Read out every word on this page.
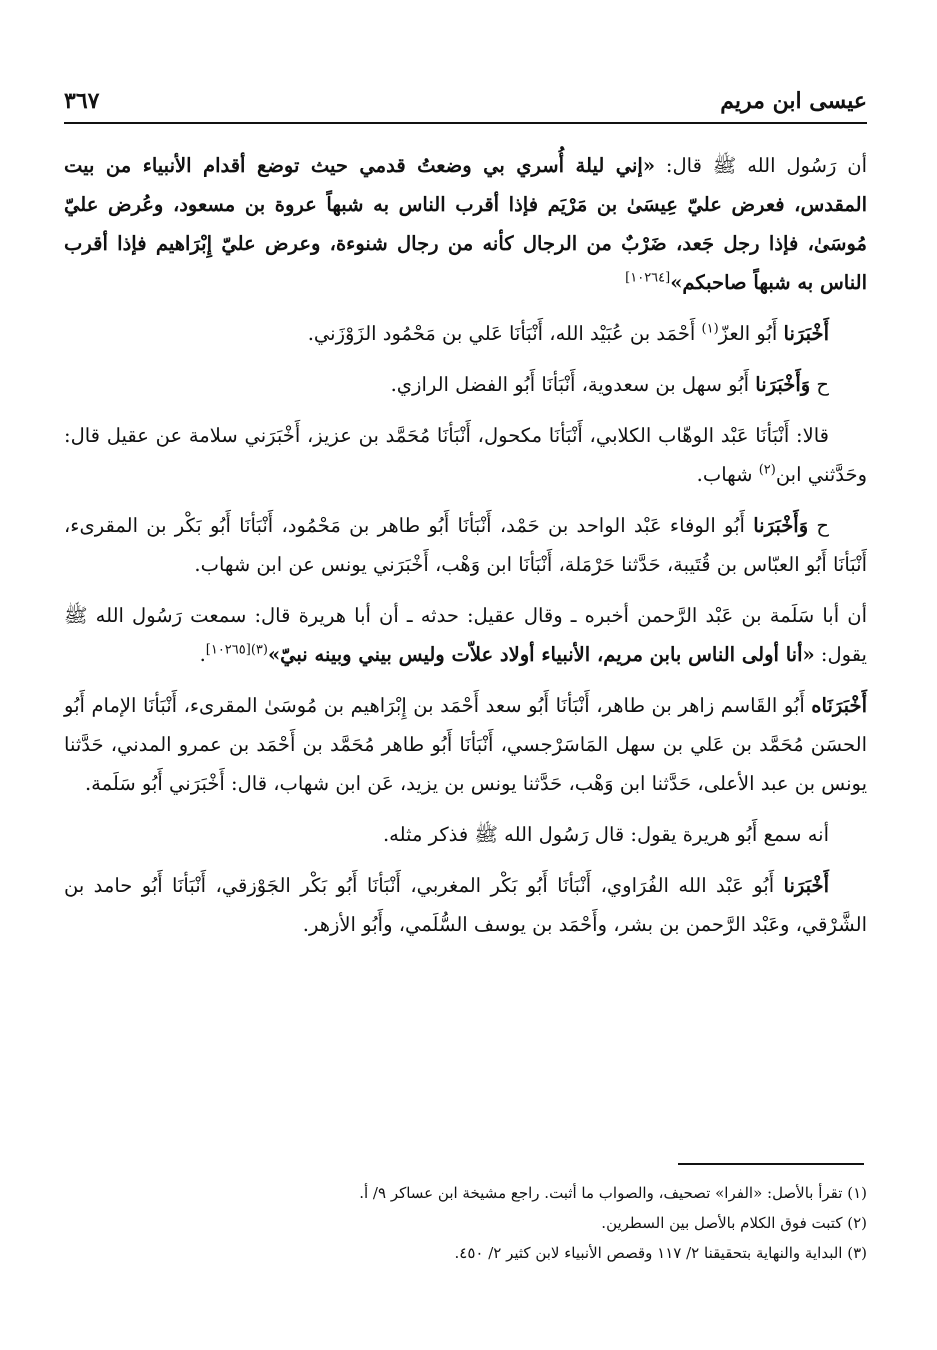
عيسى ابن مريم
٣٦٧

أن رَسُول الله ﷺ قال: «إني ليلة أُسري بي وضعتُ قدمي حيث توضع أقدام الأنبياء من بيت المقدس، فعرض عليّ عِيسَىٰ بن مَرْيَم فإذا أقرب الناس به شبهاً عروة بن مسعود، وعُرض عليّ مُوسَىٰ، فإذا رجل جَعد، ضَرْبٌ من الرجال كأنه من رجال شنوءة، وعرض عليّ إِبْرَاهيم فإذا أقرب الناس به شبهاً صاحبكم»[١٠٢٦٤]

أَخْبَرَنا أَبُو العزّ$^{(١)}$ أَحْمَد بن عُبَيْد الله، أَنْبَأنَا عَلي بن مَحْمُود الزَوْزَني.

ح وَأَخْبَرَنا أَبُو سهل بن سعدوية، أَنْبَأنَا أَبُو الفضل الرازي.

قالا: أَنْبَأنَا عَبْد الوهّاب الكلابي، أَنْبَأنَا مكحول، أَنْبَأنَا مُحَمَّد بن عزيز، أَخْبَرَني سلامة عن عقيل قال: وحَدَّثني ابن$^{(٢)}$ شهاب.

ح وَأَخْبَرَنا أَبُو الوفاء عَبْد الواحد بن حَمْد، أَنْبَأنَا أَبُو طاهر بن مَحْمُود، أَنْبَأنَا أَبُو بَكْر بن المقرىء، أَنْبَأنَا أَبُو العبّاس بن قُتَيبة، حَدَّثنا حَرْمَلة، أَنْبَأنَا ابن وَهْب، أَخْبَرَني يونس عن ابن شهاب.

أن أبا سَلَمة بن عَبْد الرَّحمن أخبره ـ وقال عقيل: حدثه ـ أن أبا هريرة قال: سمعت رَسُول الله ﷺ يقول: «أنا أولى الناس بابن مريم، الأنبياء أولاد علاّت وليس بيني وبينه نبيّ»$^{(٣)[١٠٢٦٥]}$.

أَخْبَرَنَاه أَبُو القَاسم زاهر بن طاهر، أَنْبَأنَا أَبُو سعد أَحْمَد بن إِبْرَاهيم بن مُوسَىٰ المقرىء، أَنْبَأنَا الإمام أَبُو الحسَن مُحَمَّد بن عَلي بن سهل المَاسَرْجسي، أَنْبَأنَا أَبُو طاهر مُحَمَّد بن أَحْمَد بن عمرو المدني، حَدَّثنا يونس بن عبد الأعلى، حَدَّثنا ابن وَهْب، حَدَّثنا يونس بن يزيد، عَن ابن شهاب، قال: أَخْبَرَني أَبُو سَلَمة.

أنه سمع أَبُو هريرة يقول: قال رَسُول الله ﷺ فذكر مثله.

أَخْبَرَنا أَبُو عَبْد الله الفُرَاوي، أَنْبَأنَا أَبُو بَكْر المغربي، أَنْبَأنَا أَبُو بَكْر الجَوْزقي، أَنْبَأنَا أَبُو حامد بن الشَّرْقي، وعَبْد الرَّحمن بن بشر، وأَحْمَد بن يوسف السُّلَمي، وأَبُو الأزهر.

(١) تقرأ بالأصل: «الفرا» تصحيف، والصواب ما أثبت. راجع مشيخة ابن عساكر ٩/ أ.

(٢) كتبت فوق الكلام بالأصل بين السطرين.

(٣) البداية والنهاية بتحقيقنا ٢/ ١١٧ وقصص الأنبياء لابن كثير ٢/ ٤٥٠.
